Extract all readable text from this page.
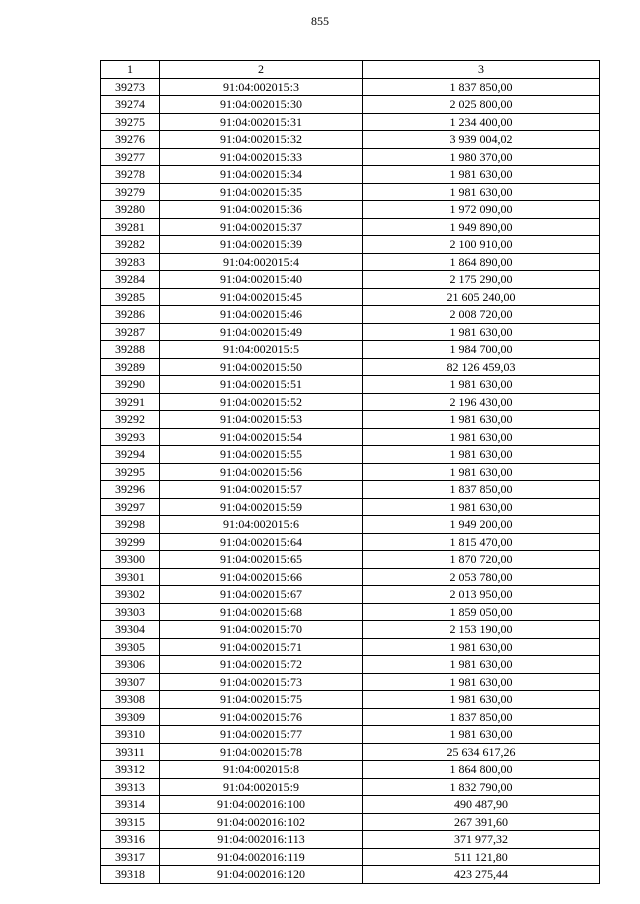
855
1	2	3
39273	91:04:002015:3	1 837 850,00
39274	91:04:002015:30	2 025 800,00
39275	91:04:002015:31	1 234 400,00
39276	91:04:002015:32	3 939 004,02
39277	91:04:002015:33	1 980 370,00
39278	91:04:002015:34	1 981 630,00
39279	91:04:002015:35	1 981 630,00
39280	91:04:002015:36	1 972 090,00
39281	91:04:002015:37	1 949 890,00
39282	91:04:002015:39	2 100 910,00
39283	91:04:002015:4	1 864 890,00
39284	91:04:002015:40	2 175 290,00
39285	91:04:002015:45	21 605 240,00
39286	91:04:002015:46	2 008 720,00
39287	91:04:002015:49	1 981 630,00
39288	91:04:002015:5	1 984 700,00
39289	91:04:002015:50	82 126 459,03
39290	91:04:002015:51	1 981 630,00
39291	91:04:002015:52	2 196 430,00
39292	91:04:002015:53	1 981 630,00
39293	91:04:002015:54	1 981 630,00
39294	91:04:002015:55	1 981 630,00
39295	91:04:002015:56	1 981 630,00
39296	91:04:002015:57	1 837 850,00
39297	91:04:002015:59	1 981 630,00
39298	91:04:002015:6	1 949 200,00
39299	91:04:002015:64	1 815 470,00
39300	91:04:002015:65	1 870 720,00
39301	91:04:002015:66	2 053 780,00
39302	91:04:002015:67	2 013 950,00
39303	91:04:002015:68	1 859 050,00
39304	91:04:002015:70	2 153 190,00
39305	91:04:002015:71	1 981 630,00
39306	91:04:002015:72	1 981 630,00
39307	91:04:002015:73	1 981 630,00
39308	91:04:002015:75	1 981 630,00
39309	91:04:002015:76	1 837 850,00
39310	91:04:002015:77	1 981 630,00
39311	91:04:002015:78	25 634 617,26
39312	91:04:002015:8	1 864 800,00
39313	91:04:002015:9	1 832 790,00
39314	91:04:002016:100	490 487,90
39315	91:04:002016:102	267 391,60
39316	91:04:002016:113	371 977,32
39317	91:04:002016:119	511 121,80
39318	91:04:002016:120	423 275,44
